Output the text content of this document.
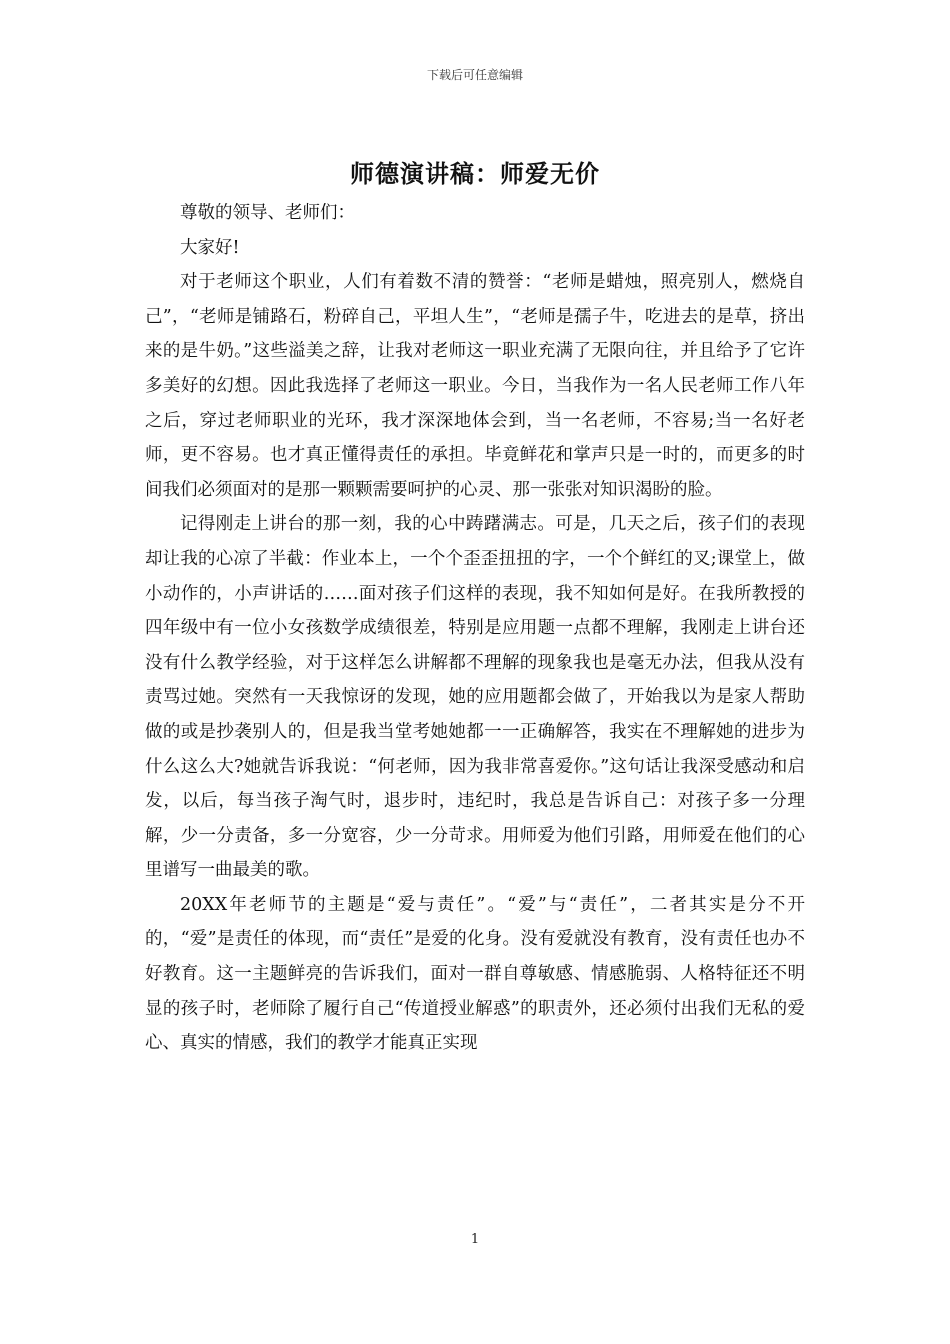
下载后可任意编辑
师德演讲稿：师爱无价

尊敬的领导、老师们：

大家好!

对于老师这个职业，人们有着数不清的赞誉：“老师是蜡烛，照亮别人，燃烧自己”，“老师是铺路石，粉碎自己，平坦人生”，“老师是孺子牛，吃进去的是草，挤出来的是牛奶。”这些溢美之辞，让我对老师这一职业充满了无限向往，并且给予了它许多美好的幻想。因此我选择了老师这一职业。今日，当我作为一名人民老师工作八年之后，穿过老师职业的光环，我才深深地体会到，当一名老师，不容易;当一名好老师，更不容易。也才真正懂得责任的承担。毕竟鲜花和掌声只是一时的，而更多的时间我们必须面对的是那一颗颗需要呵护的心灵、那一张张对知识渴盼的脸。

记得刚走上讲台的那一刻，我的心中踌躇满志。可是，几天之后，孩子们的表现却让我的心凉了半截：作业本上，一个个歪歪扭扭的字，一个个鲜红的叉;课堂上，做小动作的，小声讲话的……面对孩子们这样的表现，我不知如何是好。在我所教授的四年级中有一位小女孩数学成绩很差，特别是应用题一点都不理解，我刚走上讲台还没有什么教学经验，对于这样怎么讲解都不理解的现象我也是毫无办法，但我从没有责骂过她。突然有一天我惊讶的发现，她的应用题都会做了，开始我以为是家人帮助做的或是抄袭别人的，但是我当堂考她她都一一正确解答，我实在不理解她的进步为什么这么大?她就告诉我说：“何老师，因为我非常喜爱你。”这句话让我深受感动和启发，以后，每当孩子淘气时，退步时，违纪时，我总是告诉自己：对孩子多一分理解，少一分责备，多一分宽容，少一分苛求。用师爱为他们引路，用师爱在他们的心里谱写一曲最美的歌。

20XX年老师节的主题是“爱与责任”。“爱”与“责任”，二者其实是分不开的，“爱”是责任的体现，而“责任”是爱的化身。没有爱就没有教育，没有责任也办不好教育。这一主题鲜亮的告诉我们，面对一群自尊敏感、情感脆弱、人格特征还不明显的孩子时，老师除了履行自己“传道授业解惑”的职责外，还必须付出我们无私的爱心、真实的情感，我们的教学才能真正实现

1
